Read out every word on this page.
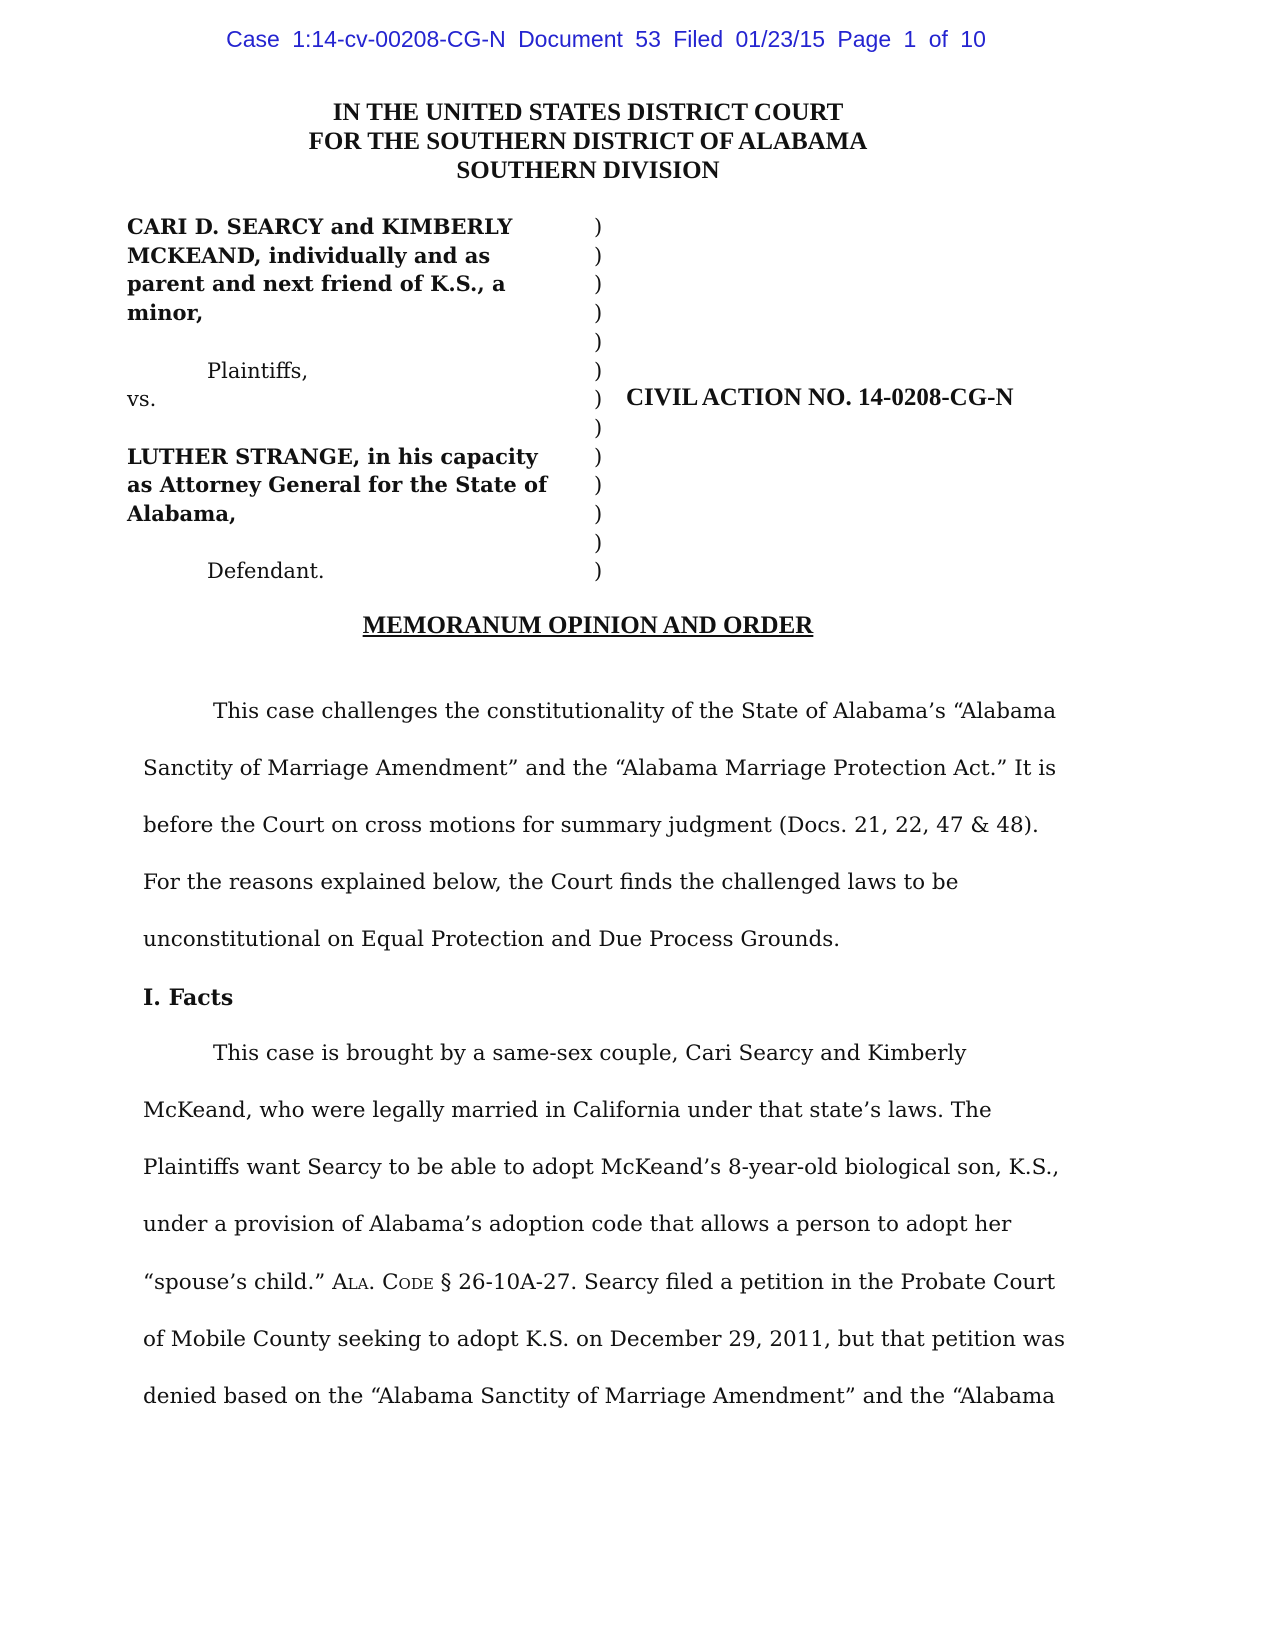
Case 1:14-cv-00208-CG-N Document 53 Filed 01/23/15 Page 1 of 10
IN THE UNITED STATES DISTRICT COURT
FOR THE SOUTHERN DISTRICT OF ALABAMA
SOUTHERN DIVISION
CARI D. SEARCY and KIMBERLY
MCKEAND, individually and as
parent and next friend of K.S., a
minor,
Plaintiffs,
vs.
LUTHER STRANGE, in his capacity
as Attorney General for the State of
Alabama,
Defendant.
)
)
)
)
)
)
)
)
)
)
)
)
)
CIVIL ACTION NO. 14-0208-CG-N
MEMORANUM OPINION AND ORDER
This case challenges the constitutionality of the State of Alabama’s “Alabama
Sanctity of Marriage Amendment” and the “Alabama Marriage Protection Act.” It is
before the Court on cross motions for summary judgment (Docs. 21, 22, 47 & 48).
For the reasons explained below, the Court finds the challenged laws to be
unconstitutional on Equal Protection and Due Process Grounds.
I. Facts
This case is brought by a same-sex couple, Cari Searcy and Kimberly
McKeand, who were legally married in California under that state’s laws. The
Plaintiffs want Searcy to be able to adopt McKeand’s 8-year-old biological son, K.S.,
under a provision of Alabama’s adoption code that allows a person to adopt her
“spouse’s child.” Ala. Code § 26-10A-27. Searcy filed a petition in the Probate Court
of Mobile County seeking to adopt K.S. on December 29, 2011, but that petition was
denied based on the “Alabama Sanctity of Marriage Amendment” and the “Alabama
